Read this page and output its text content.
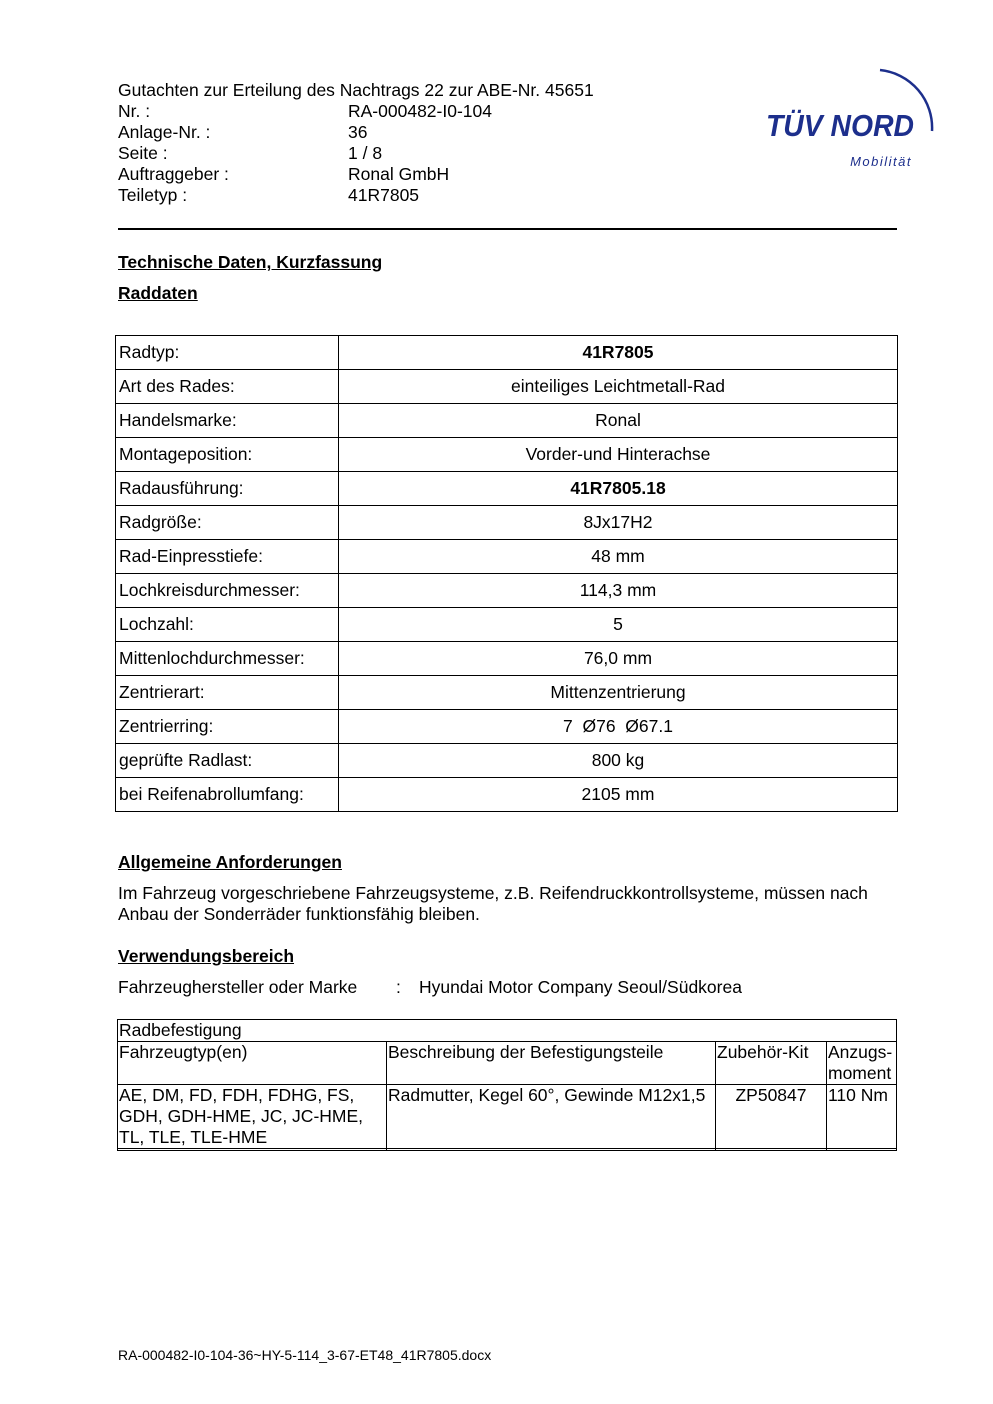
Gutachten zur Erteilung des Nachtrags 22 zur ABE-Nr. 45651
Nr. :	RA-000482-I0-104
Anlage-Nr. :	36
Seite :	1 / 8
Auftraggeber :	Ronal GmbH
Teiletyp :	41R7805
TÜV NORD
Mobilität
Technische Daten, Kurzfassung
Raddaten
Radtyp:	41R7805
Art des Rades:	einteiliges Leichtmetall-Rad
Handelsmarke:	Ronal
Montageposition:	Vorder-und Hinterachse
Radausführung:	41R7805.18
Radgröße:	8Jx17H2
Rad-Einpresstiefe:	48 mm
Lochkreisdurchmesser:	114,3 mm
Lochzahl:	5
Mittenlochdurchmesser:	76,0 mm
Zentrierart:	Mittenzentrierung
Zentrierring:	7  Ø76  Ø67.1
geprüfte Radlast:	800 kg
bei Reifenabrollumfang:	2105 mm
Allgemeine Anforderungen
Im Fahrzeug vorgeschriebene Fahrzeugsysteme, z.B. Reifendruckkontrollsysteme, müssen nach Anbau der Sonderräder funktionsfähig bleiben.
Verwendungsbereich
Fahrzeughersteller oder Marke	:	Hyundai Motor Company Seoul/Südkorea
Radbefestigung			
Fahrzeugtyp(en)	Beschreibung der Befestigungsteile	Zubehör-Kit	Anzugs-moment
AE, DM, FD, FDH, FDHG, FS, GDH, GDH-HME, JC, JC-HME, TL, TLE, TLE-HME	Radmutter, Kegel 60°, Gewinde M12x1,5	ZP50847	110 Nm

RA-000482-I0-104-36~HY-5-114_3-67-ET48_41R7805.docx
